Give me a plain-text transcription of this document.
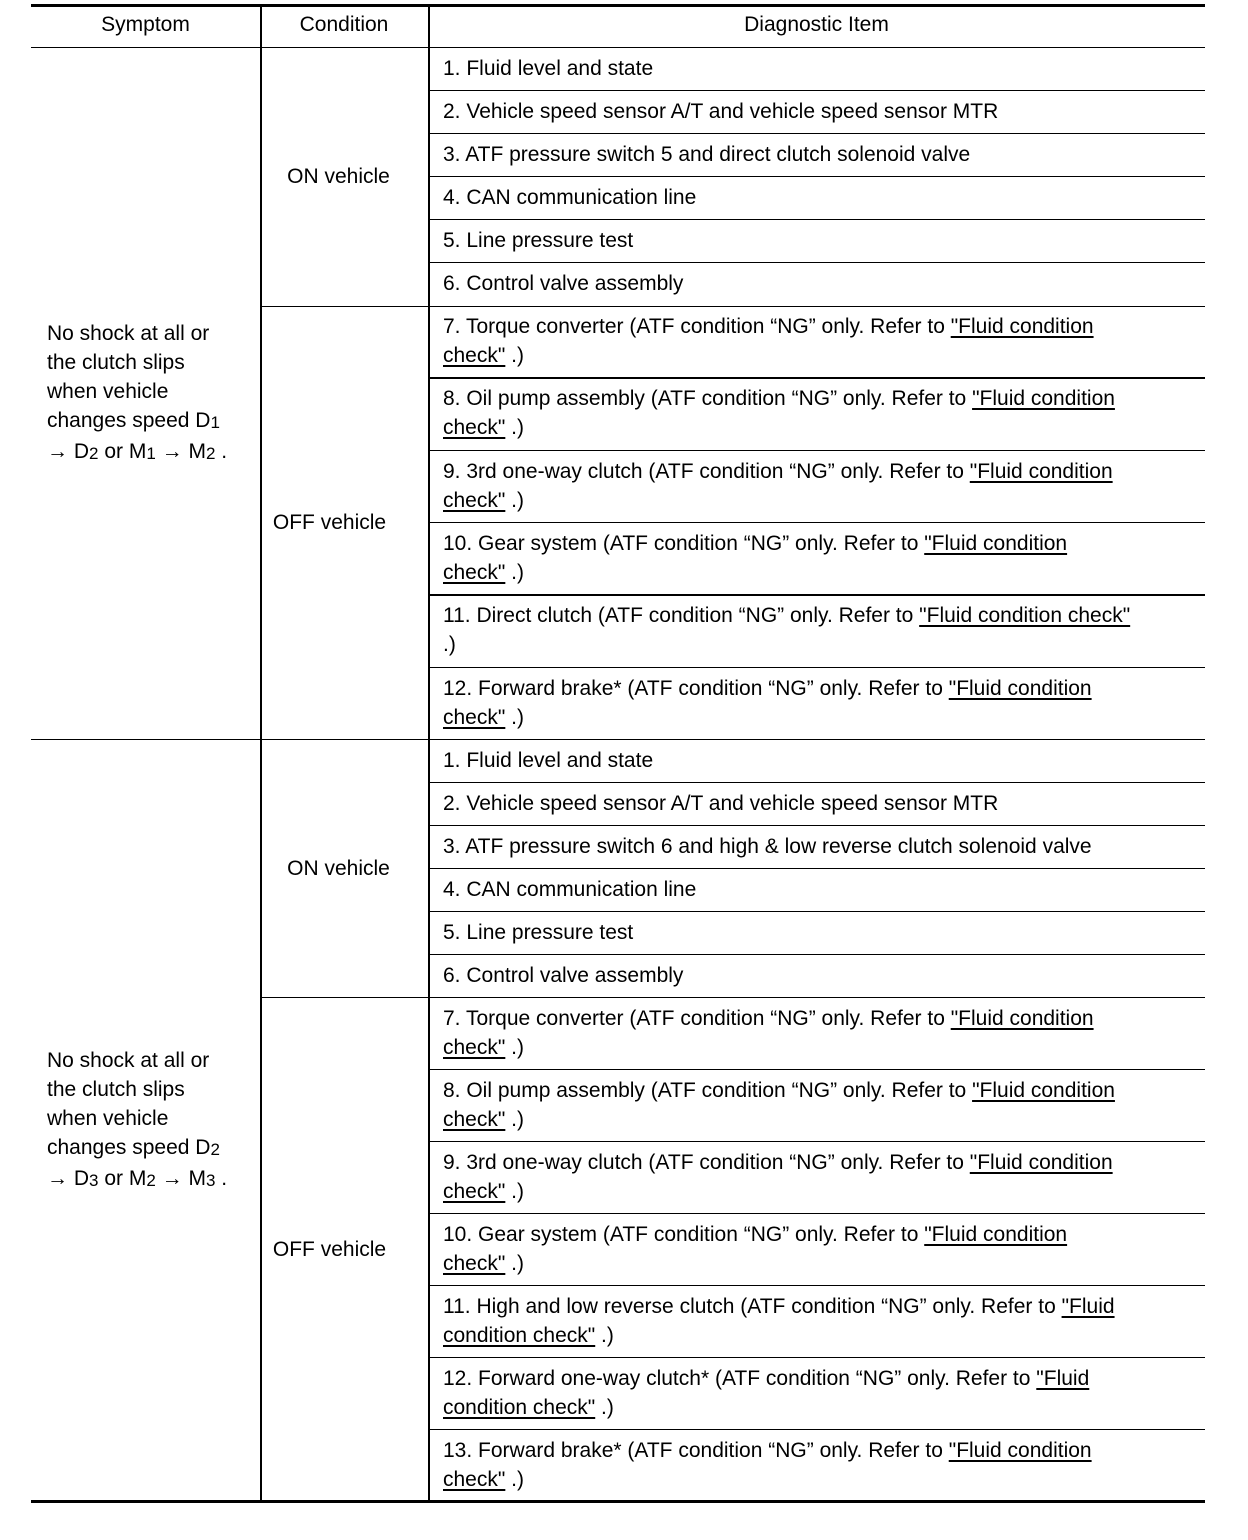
Symptom	Condition	Diagnostic Item
No shock at all or
the clutch slips
when vehicle
changes speed $D_1$
→ $D_2$ or $M_1 \to M_2$ .
1. Fluid level and state
2. Vehicle speed sensor A/T and vehicle speed sensor MTR
3. ATF pressure switch 5 and direct clutch solenoid valve
4. CAN communication line
5. Line pressure test
6. Control valve assembly
ON vehicle
7. Torque converter (ATF condition “NG” only. Refer to "Fluid condition check" .)
8. Oil pump assembly (ATF condition “NG” only. Refer to "Fluid condition check" .)
9. 3rd one-way clutch (ATF condition “NG” only. Refer to "Fluid condition check" .)
10. Gear system (ATF condition “NG” only. Refer to "Fluid condition check" .)
11. Direct clutch (ATF condition “NG” only. Refer to "Fluid condition check" .)
12. Forward brake* (ATF condition “NG” only. Refer to "Fluid condition check" .)
OFF vehicle
No shock at all or
the clutch slips
when vehicle
changes speed $D_2$
→ $D_3$ or $M_2 \to M_3$ .
1. Fluid level and state
2. Vehicle speed sensor A/T and vehicle speed sensor MTR
3. ATF pressure switch 6 and high & low reverse clutch solenoid valve
4. CAN communication line
5. Line pressure test
6. Control valve assembly
ON vehicle
7. Torque converter (ATF condition “NG” only. Refer to "Fluid condition check" .)
8. Oil pump assembly (ATF condition “NG” only. Refer to "Fluid condition check" .)
9. 3rd one-way clutch (ATF condition “NG” only. Refer to "Fluid condition check" .)
10. Gear system (ATF condition “NG” only. Refer to "Fluid condition check" .)
11. High and low reverse clutch (ATF condition “NG” only. Refer to "Fluid condition check" .)
12. Forward one-way clutch* (ATF condition “NG” only. Refer to "Fluid condition check" .)
13. Forward brake* (ATF condition “NG” only. Refer to "Fluid condition check" .)
OFF vehicle
